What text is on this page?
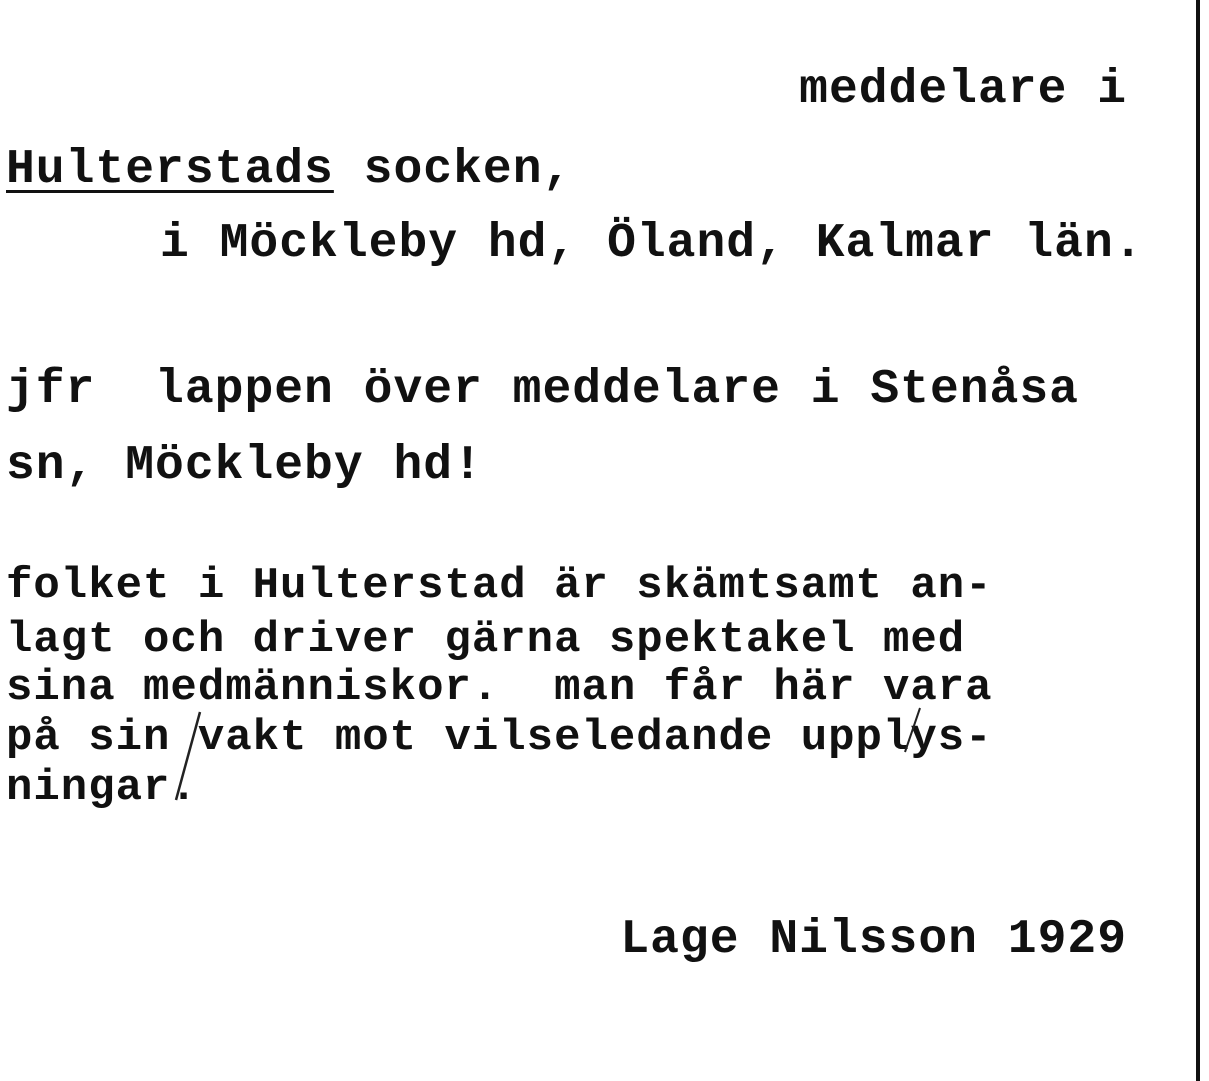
meddelare i
Hulterstads socken,
i Möckleby hd, Öland, Kalmar län.
jfr  lappen över meddelare i Stenåsa
sn, Möckleby hd!
folket i Hulterstad är skämtsamt an-
lagt och driver gärna spektakel med
sina medmänniskor.  man får här vara
på sin vakt mot vilseledande upplys-
ningar.
Lage Nilsson 1929
